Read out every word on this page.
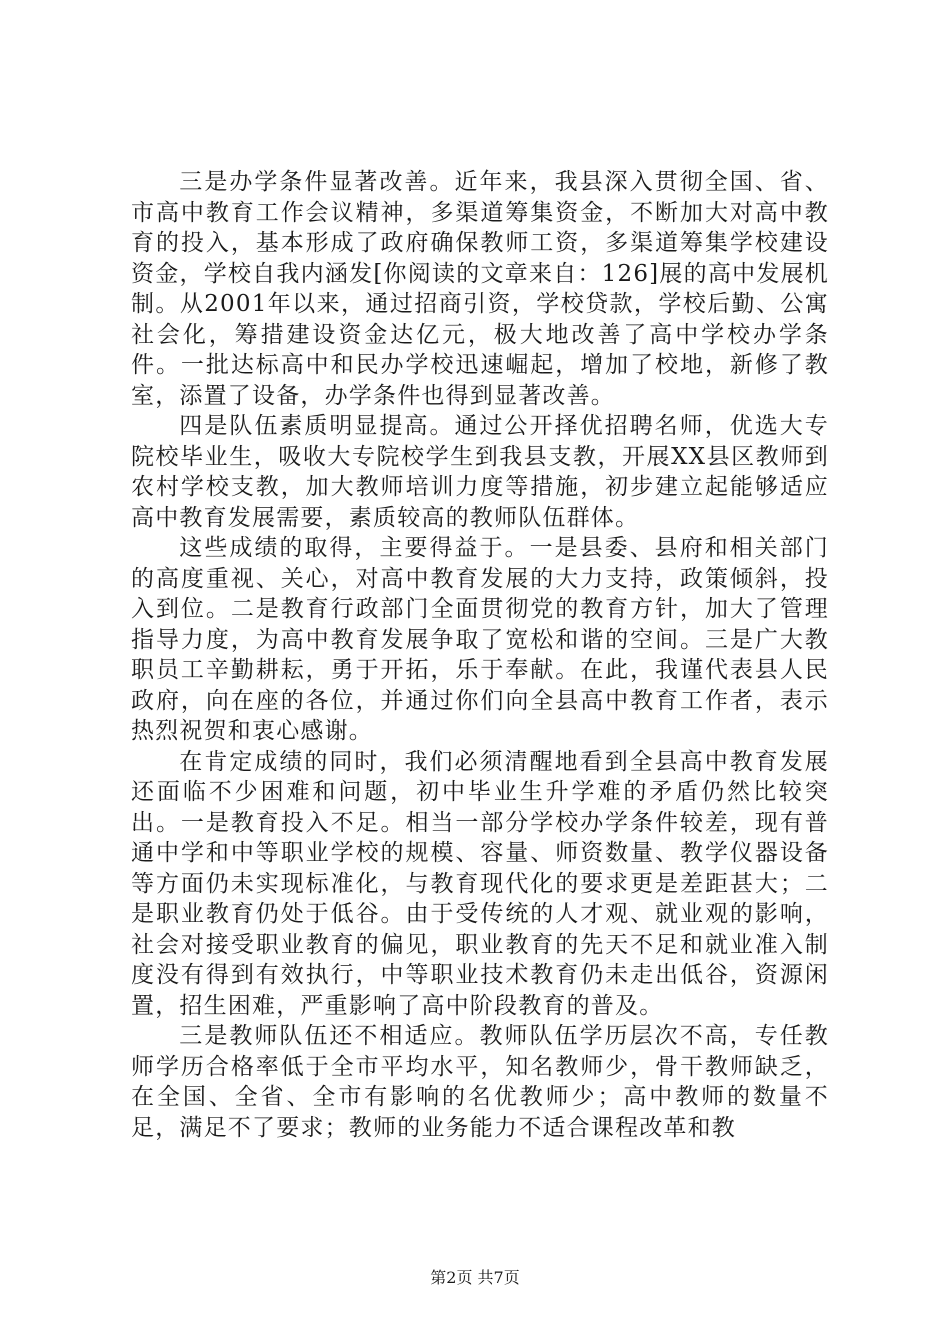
三是办学条件显著改善。近年来，我县深入贯彻全国、省、市高中教育工作会议精神，多渠道筹集资金，不断加大对高中教育的投入，基本形成了政府确保教师工资，多渠道筹集学校建设资金，学校自我内涵发[你阅读的文章来自：126]展的高中发展机制。从2001年以来，通过招商引资，学校贷款，学校后勤、公寓社会化，筹措建设资金达亿元，极大地改善了高中学校办学条件。一批达标高中和民办学校迅速崛起，增加了校地，新修了教室，添置了设备，办学条件也得到显著改善。

四是队伍素质明显提高。通过公开择优招聘名师，优选大专院校毕业生，吸收大专院校学生到我县支教，开展XX县区教师到农村学校支教，加大教师培训力度等措施，初步建立起能够适应高中教育发展需要，素质较高的教师队伍群体。

这些成绩的取得，主要得益于。一是县委、县府和相关部门的高度重视、关心，对高中教育发展的大力支持，政策倾斜，投入到位。二是教育行政部门全面贯彻党的教育方针，加大了管理指导力度，为高中教育发展争取了宽松和谐的空间。三是广大教职员工辛勤耕耘，勇于开拓，乐于奉献。在此，我谨代表县人民政府，向在座的各位，并通过你们向全县高中教育工作者，表示热烈祝贺和衷心感谢。

在肯定成绩的同时，我们必须清醒地看到全县高中教育发展还面临不少困难和问题，初中毕业生升学难的矛盾仍然比较突出。一是教育投入不足。相当一部分学校办学条件较差，现有普通中学和中等职业学校的规模、容量、师资数量、教学仪器设备等方面仍未实现标准化，与教育现代化的要求更是差距甚大；二是职业教育仍处于低谷。由于受传统的人才观、就业观的影响，社会对接受职业教育的偏见，职业教育的先天不足和就业准入制度没有得到有效执行，中等职业技术教育仍未走出低谷，资源闲置，招生困难，严重影响了高中阶段教育的普及。

三是教师队伍还不相适应。教师队伍学历层次不高，专任教师学历合格率低于全市平均水平，知名教师少，骨干教师缺乏，在全国、全省、全市有影响的名优教师少；高中教师的数量不足，满足不了要求；教师的业务能力不适合课程改革和教

第2页 共7页
